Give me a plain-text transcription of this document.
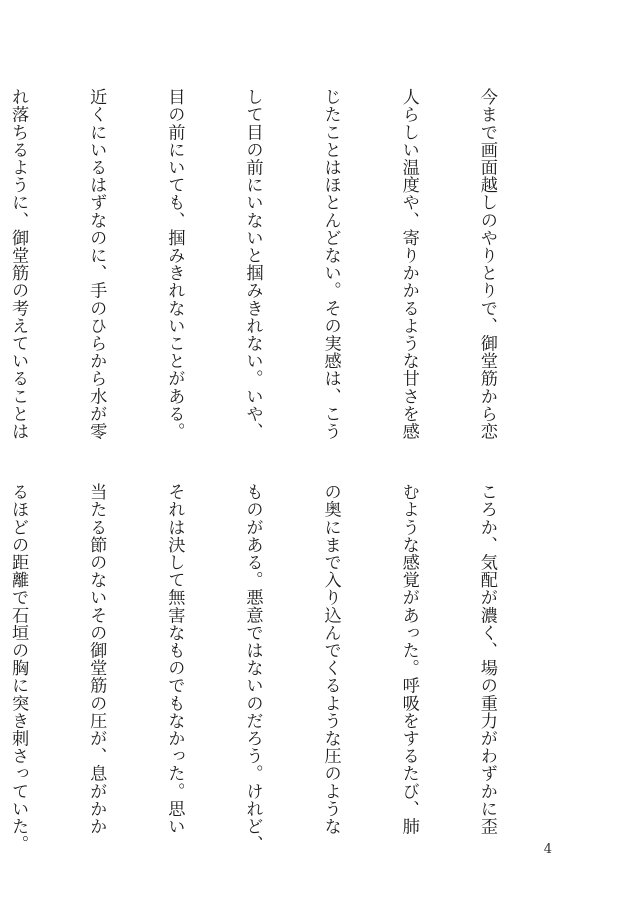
今まで画面越しのやりとりで、御堂筋から恋

人らしい温度や、寄りかかるような甘さを感

じたことはほとんどない。その実感は、こう

して目の前にいないと掴みきれない。いや、

目の前にいても、掴みきれないことがある。

近くにいるはずなのに、手のひらから水が零

れ落ちるように、御堂筋の考えていることは

ころか、気配が濃く、場の重力がわずかに歪

むような感覚があった。呼吸をするたび、肺

の奥にまで入り込んでくるような圧のような

ものがある。悪意ではないのだろう。けれど、

それは決して無害なものでもなかった。思い

当たる節のないその御堂筋の圧が、息がかか

るほどの距離で石垣の胸に突き刺さっていた。

	4
